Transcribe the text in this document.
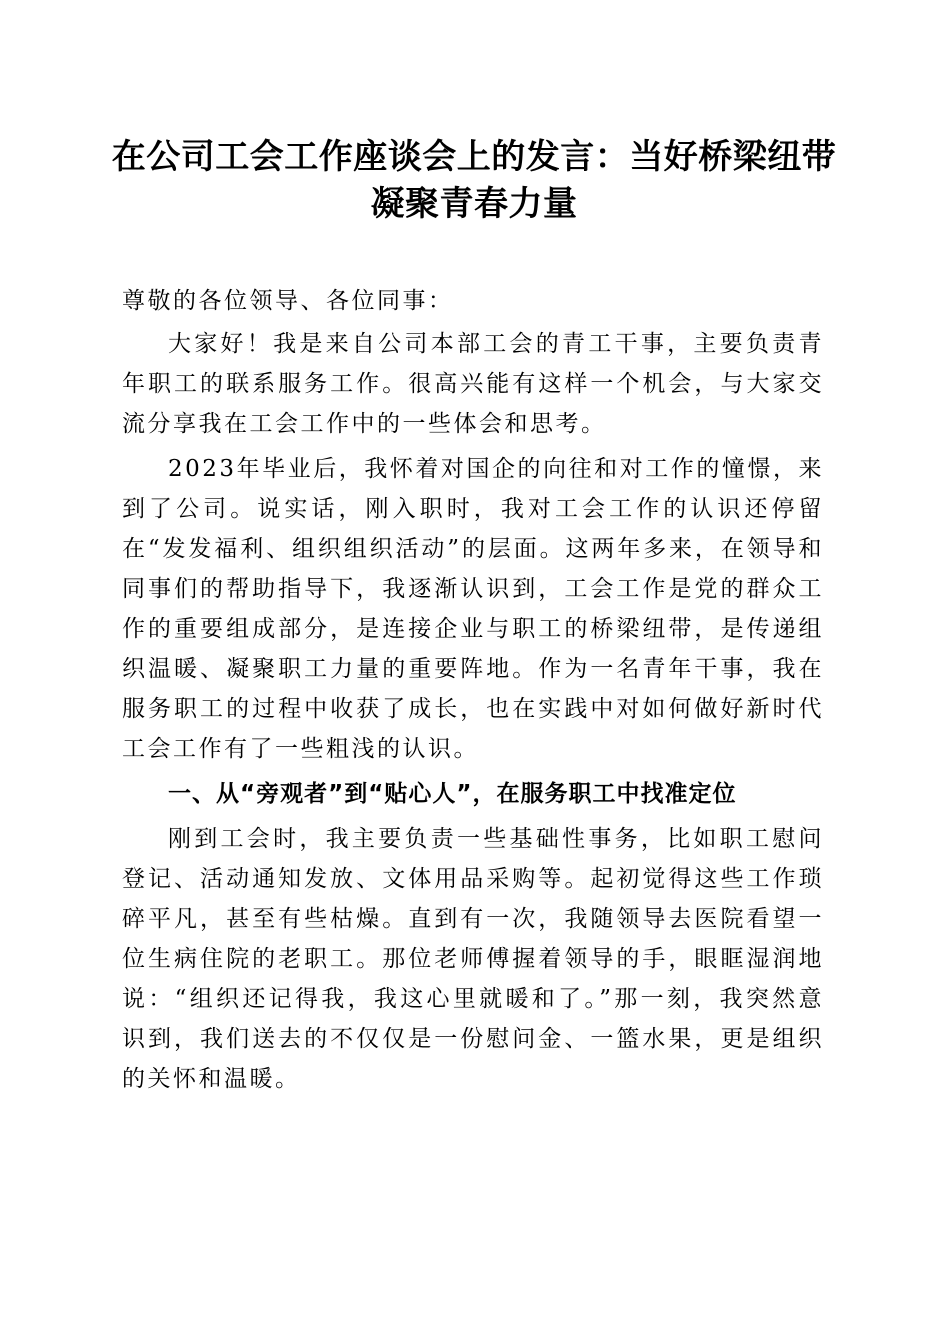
在公司工会工作座谈会上的发言：当好桥梁纽带凝聚青春力量

尊敬的各位领导、各位同事：

大家好！我是来自公司本部工会的青工干事，主要负责青年职工的联系服务工作。很高兴能有这样一个机会，与大家交流分享我在工会工作中的一些体会和思考。

2023年毕业后，我怀着对国企的向往和对工作的憧憬，来到了公司。说实话，刚入职时，我对工会工作的认识还停留在“发发福利、组织组织活动”的层面。这两年多来，在领导和同事们的帮助指导下，我逐渐认识到，工会工作是党的群众工作的重要组成部分，是连接企业与职工的桥梁纽带，是传递组织温暖、凝聚职工力量的重要阵地。作为一名青年干事，我在服务职工的过程中收获了成长，也在实践中对如何做好新时代工会工作有了一些粗浅的认识。

一、从“旁观者”到“贴心人”，在服务职工中找准定位

刚到工会时，我主要负责一些基础性事务，比如职工慰问登记、活动通知发放、文体用品采购等。起初觉得这些工作琐碎平凡，甚至有些枯燥。直到有一次，我随领导去医院看望一位生病住院的老职工。那位老师傅握着领导的手，眼眶湿润地说：“组织还记得我，我这心里就暖和了。”那一刻，我突然意识到，我们送去的不仅仅是一份慰问金、一篮水果，更是组织的关怀和温暖。
